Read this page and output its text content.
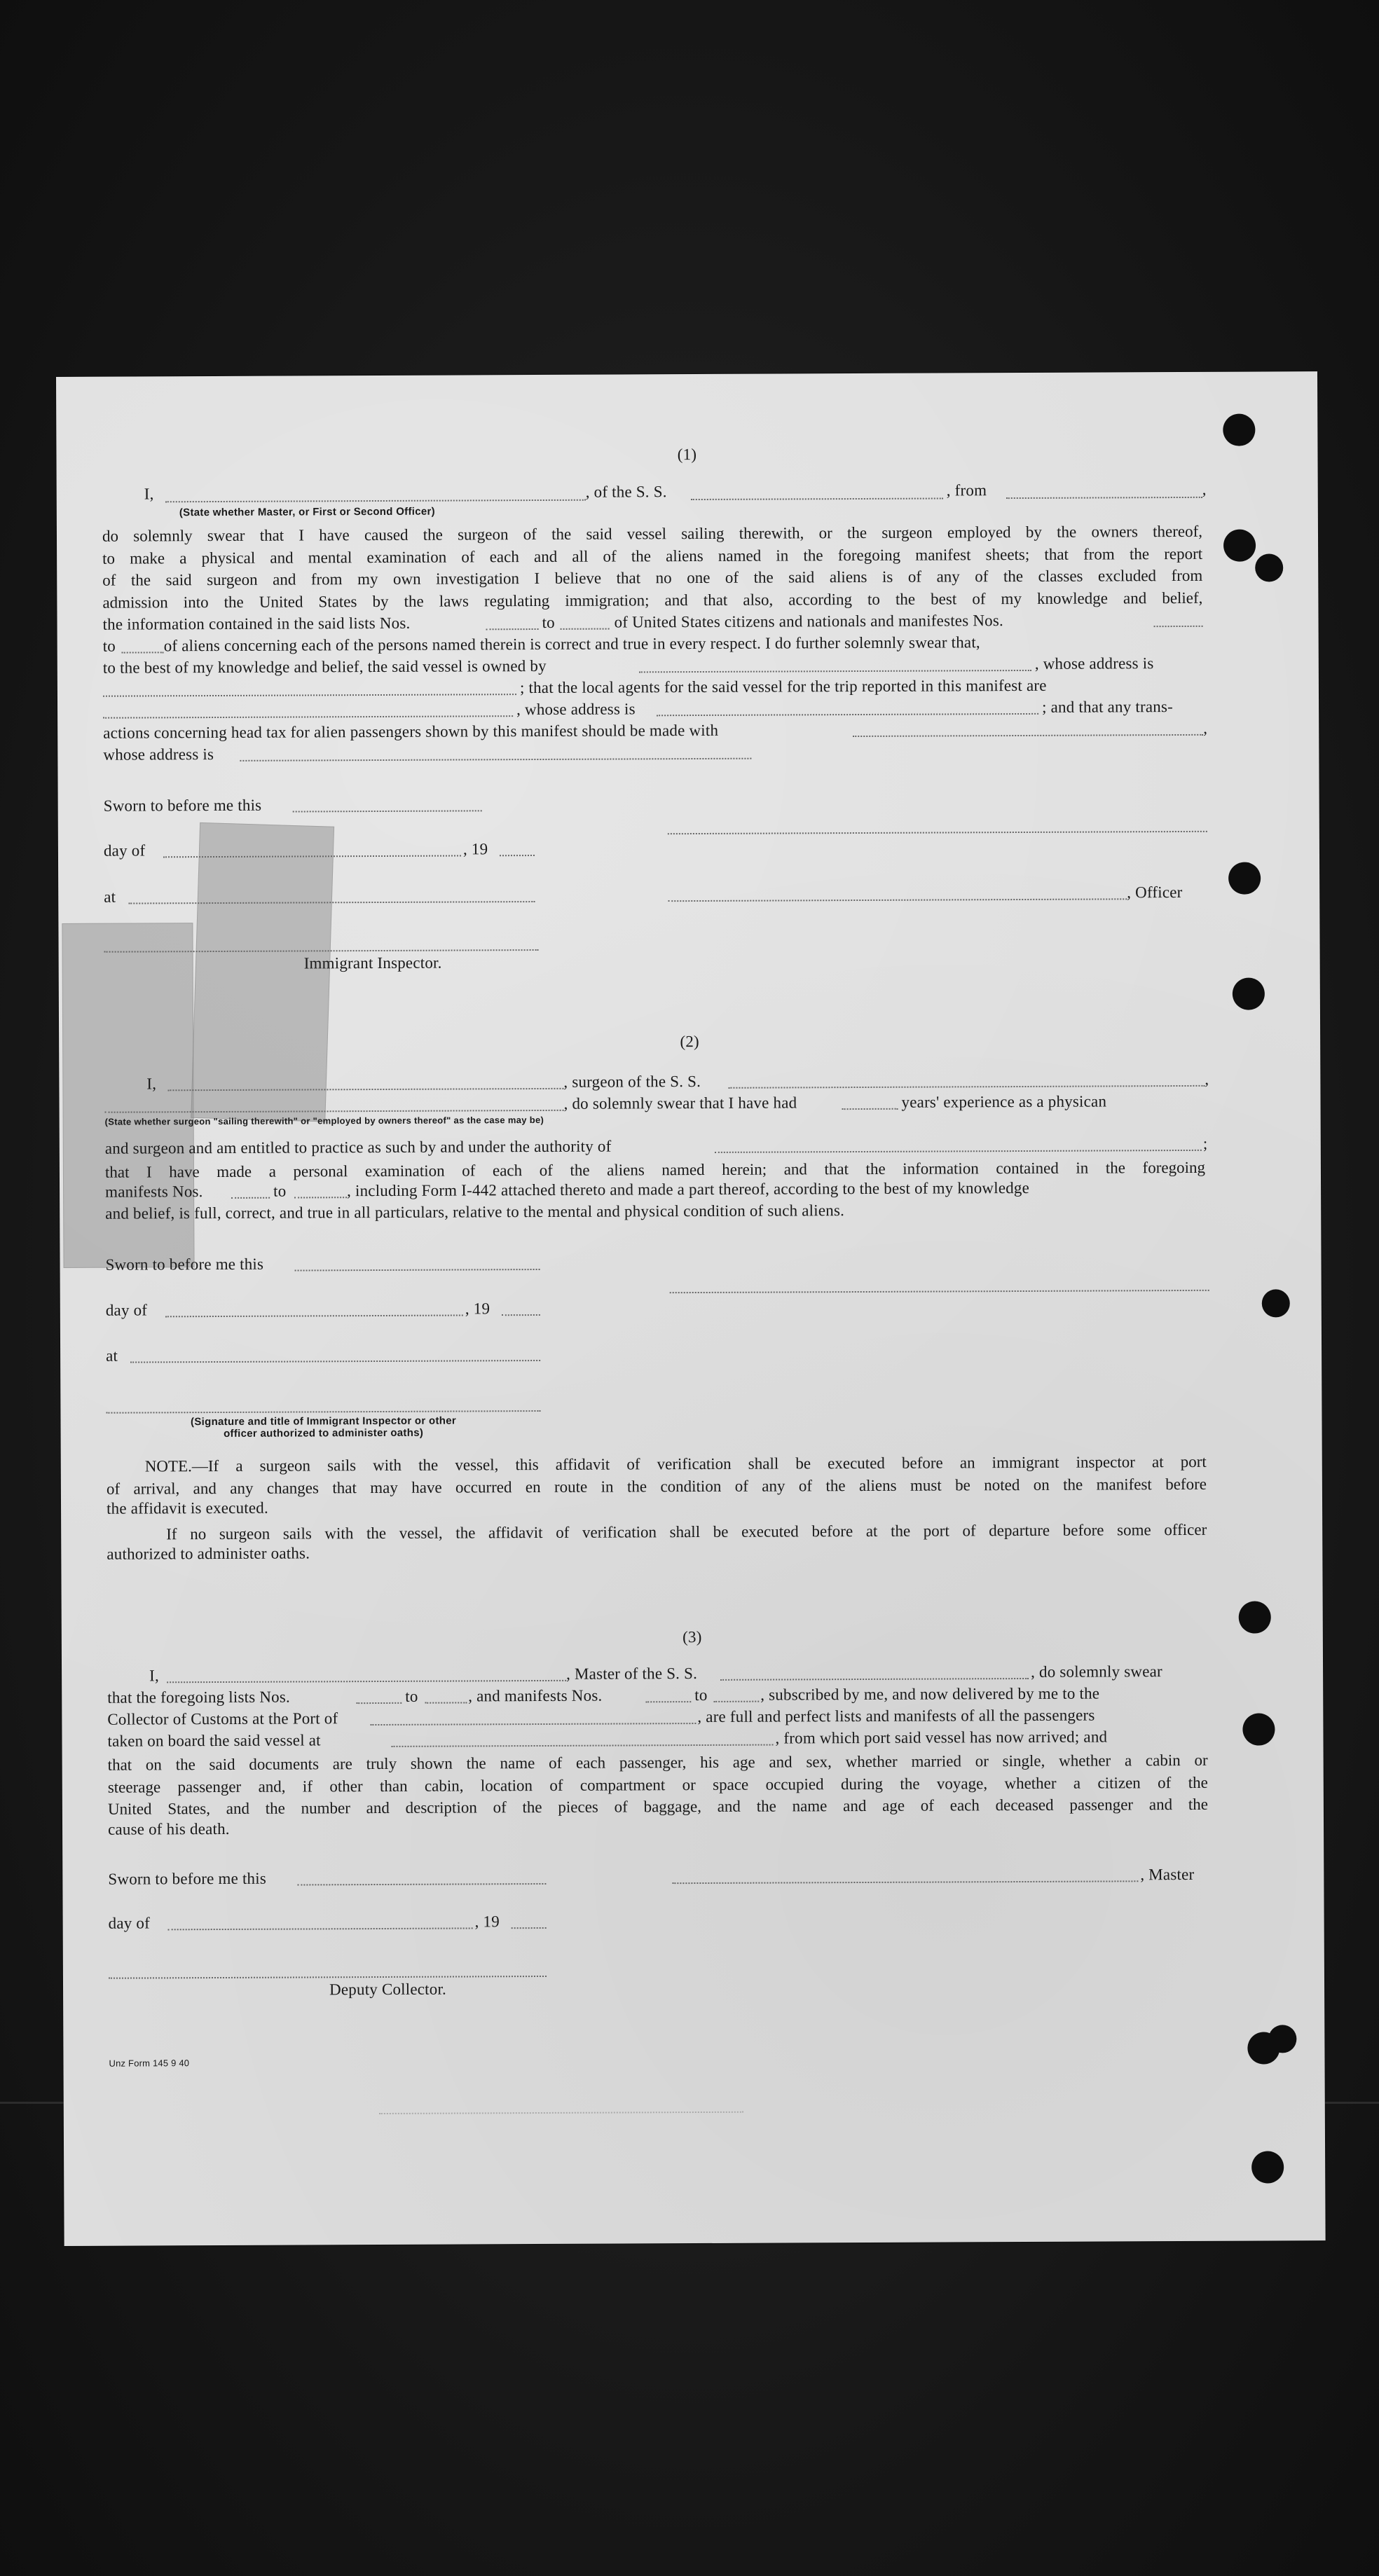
(1)
I,	, of the S. S.	, from	,
(State whether Master, or First or Second Officer)
do solemnly swear that I have caused the surgeon of the said vessel sailing therewith, or the surgeon employed by the owners thereof,
to make a physical and mental examination of each and all of the aliens named in the foregoing manifest sheets; that from the report
of the said surgeon and from my own investigation I believe that no one of the said aliens is of any of the classes excluded from
admission into the United States by the laws regulating immigration; and that also, according to the best of my knowledge and belief,
the information contained in the said lists Nos.	to	of United States citizens and nationals and manifestes Nos.
to	of aliens concerning each of the persons named therein is correct and true in every respect. I do further solemnly swear that,
to the best of my knowledge and belief, the said vessel is owned by	, whose address is
; that the local agents for the said vessel for the trip reported in this manifest are
, whose address is	; and that any trans-
actions concerning head tax for alien passengers shown by this manifest should be made with	,
whose address is
Sworn to before me this
day of	, 19
at	, Officer
Immigrant Inspector.
(2)
I,	, surgeon of the S. S.	,
, do solemnly swear that I have had	years' experience as a physican
(State whether surgeon "sailing therewith" or "employed by owners thereof" as the case may be)
and surgeon and am entitled to practice as such by and under the authority of	;
that I have made a personal examination of each of the aliens named herein; and that the information contained in the foregoing
manifests Nos.	to	, including Form I-442 attached thereto and made a part thereof, according to the best of my knowledge
and belief, is full, correct, and true in all particulars, relative to the mental and physical condition of such aliens.
Sworn to before me this
day of	, 19
at
(Signature and title of Immigrant Inspector or other
officer authorized to administer oaths)
NOTE.—If a surgeon sails with the vessel, this affidavit of verification shall be executed before an immigrant inspector at port
of arrival, and any changes that may have occurred en route in the condition of any of the aliens must be noted on the manifest before
the affidavit is executed.
If no surgeon sails with the vessel, the affidavit of verification shall be executed before at the port of departure before some officer
authorized to administer oaths.
(3)
I,	, Master of the S. S.	, do solemnly swear
that the foregoing lists Nos.	to	, and manifests Nos.	to	, subscribed by me, and now delivered by me to the
Collector of Customs at the Port of	, are full and perfect lists and manifests of all the passengers
taken on board the said vessel at	, from which port said vessel has now arrived; and
that on the said documents are truly shown the name of each passenger, his age and sex, whether married or single, whether a cabin or
steerage passenger and, if other than cabin, location of compartment or space occupied during the voyage, whether a citizen of the
United States, and the number and description of the pieces of baggage, and the name and age of each deceased passenger and the
cause of his death.
Sworn to before me this	, Master
day of	, 19
Deputy Collector.
Unz Form 145 9 40
